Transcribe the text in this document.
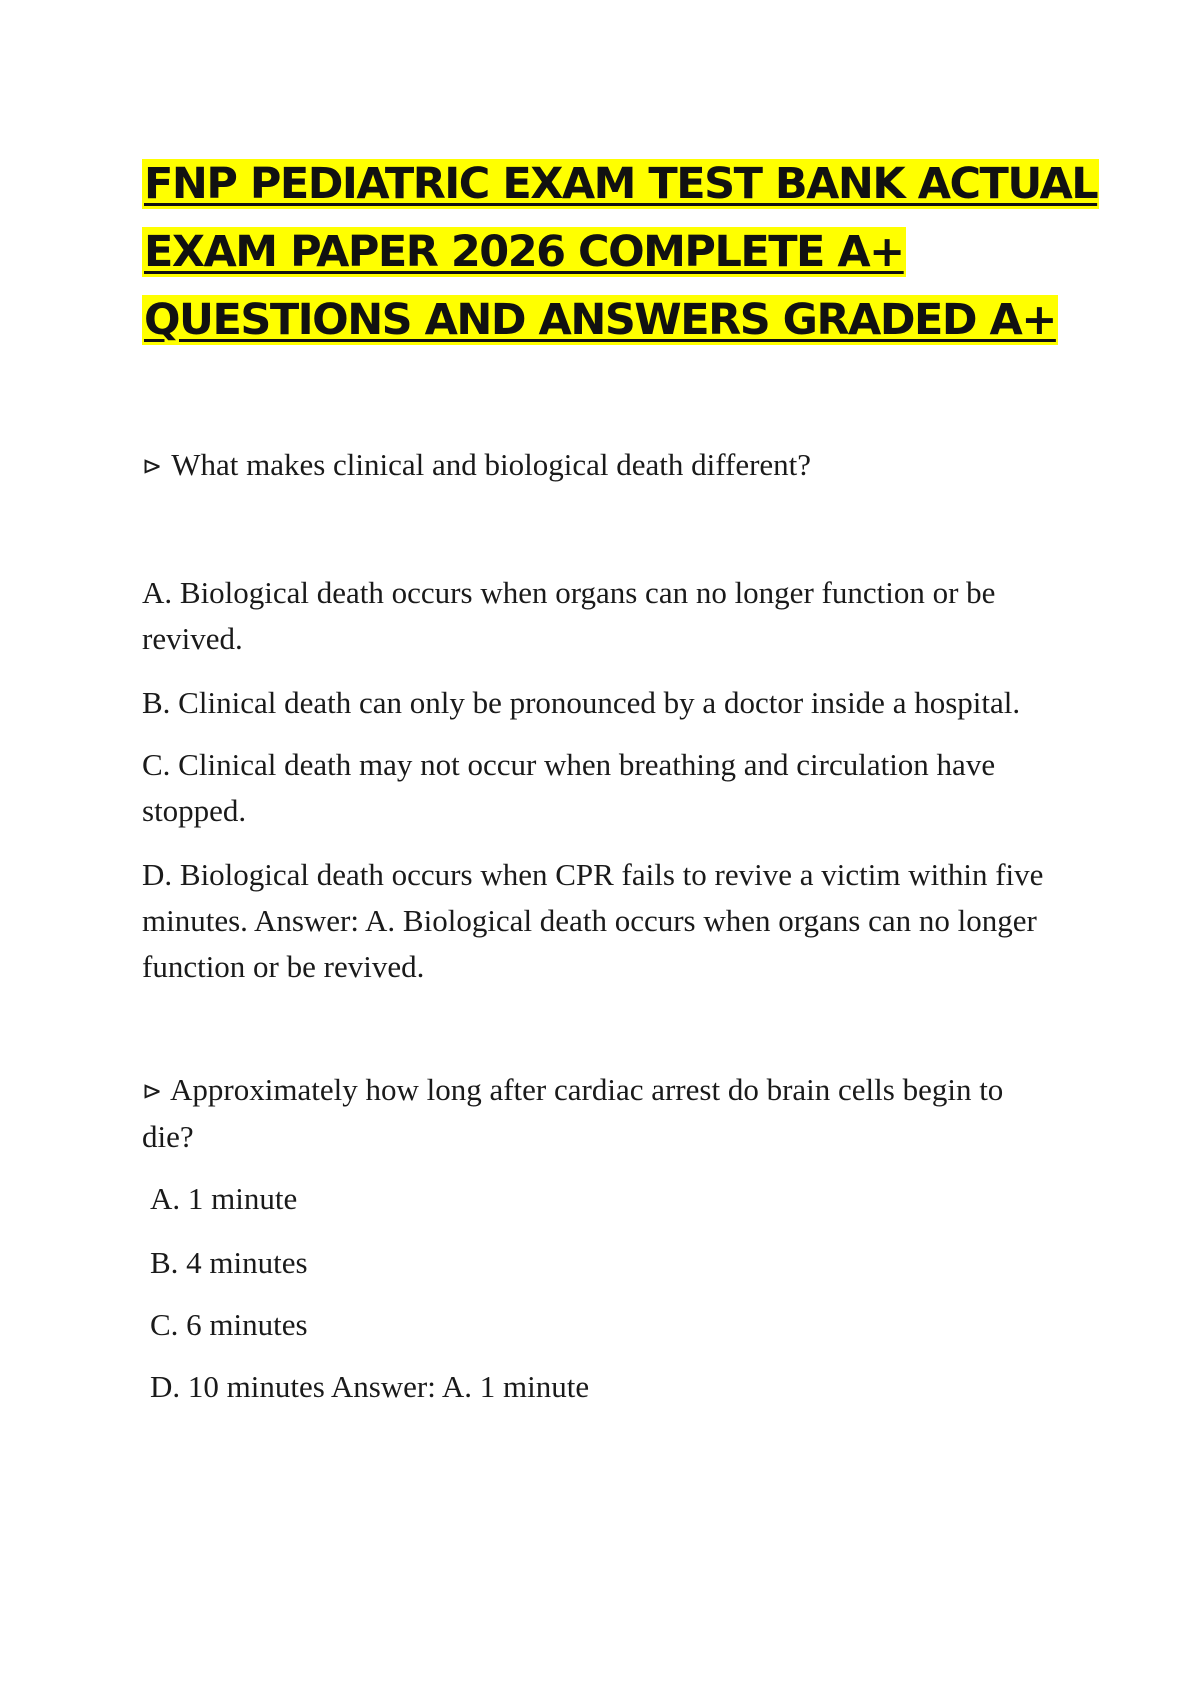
FNP PEDIATRIC EXAM TEST BANK ACTUAL
EXAM PAPER 2026 COMPLETE A+
QUESTIONS AND ANSWERS GRADED A+

⊳ What makes clinical and biological death different?

A. Biological death occurs when organs can no longer function or be revived.

B. Clinical death can only be pronounced by a doctor inside a hospital.

C. Clinical death may not occur when breathing and circulation have stopped.

D. Biological death occurs when CPR fails to revive a victim within five minutes. Answer: A. Biological death occurs when organs can no longer function or be revived.

⊳ Approximately how long after cardiac arrest do brain cells begin to die?

A. 1 minute

B. 4 minutes

C. 6 minutes

D. 10 minutes Answer: A. 1 minute
